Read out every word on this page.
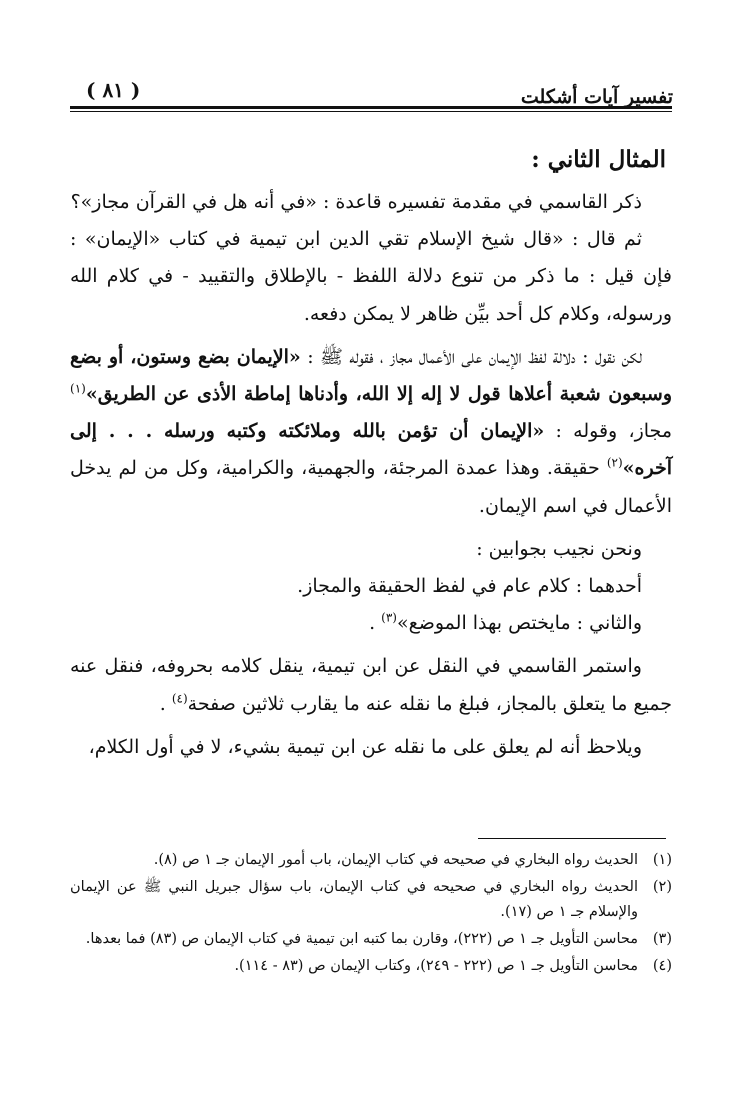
تفسير آيات أشكلت
( ٨١ )
المثال الثاني :

ذكر القاسمي في مقدمة تفسيره قاعدة : «في أنه هل في القرآن مجاز»؟

ثم قال : «قال شيخ الإسلام تقي الدين ابن تيمية في كتاب «الإيمان» : فإن قيل : ما ذكر من تنوع دلالة اللفظ - بالإطلاق والتقييد - في كلام الله ورسوله، وكلام كل أحد بيِّن ظاهر لا يمكن دفعه.

لكن نقول : دلالة لفظ الإيمان على الأعمال مجاز ، فقوله ﷺ : «الإيمان بضع وستون، أو بضع وسبعون شعبة أعلاها قول لا إله إلا الله، وأدناها إماطة الأذى عن الطريق»$^{(١)}$ مجاز، وقوله : «الإيمان أن تؤمن بالله وملائكته وكتبه ورسله . . . إلى آخره»$^{(٢)}$ حقيقة. وهذا عمدة المرجئة، والجهمية، والكرامية، وكل من لم يدخل الأعمال في اسم الإيمان.

ونحن نجيب بجوابين :

أحدهما : كلام عام في لفظ الحقيقة والمجاز.

والثاني : مايختص بهذا الموضع»$^{(٣)}$ .

واستمر القاسمي في النقل عن ابن تيمية، ينقل كلامه بحروفه، فنقل عنه جميع ما يتعلق بالمجاز، فبلغ ما نقله عنه ما يقارب ثلاثين صفحة$^{(٤)}$ .

ويلاحظ أنه لم يعلق على ما نقله عن ابن تيمية بشيء، لا في أول الكلام،

(١)
الحديث رواه البخاري في صحيحه في كتاب الإيمان، باب أمور الإيمان جـ ١ ص (٨).
(٢)
الحديث رواه البخاري في صحيحه في كتاب الإيمان، باب سؤال جبريل النبي ﷺ عن الإيمان والإسلام جـ ١ ص (١٧).
(٣)
محاسن التأويل جـ ١ ص (٢٢٢)، وقارن بما كتبه ابن تيمية في كتاب الإيمان ص (٨٣) فما بعدها.
(٤)
محاسن التأويل جـ ١ ص (٢٢٢ - ٢٤٩)، وكتاب الإيمان ص (٨٣ - ١١٤).
